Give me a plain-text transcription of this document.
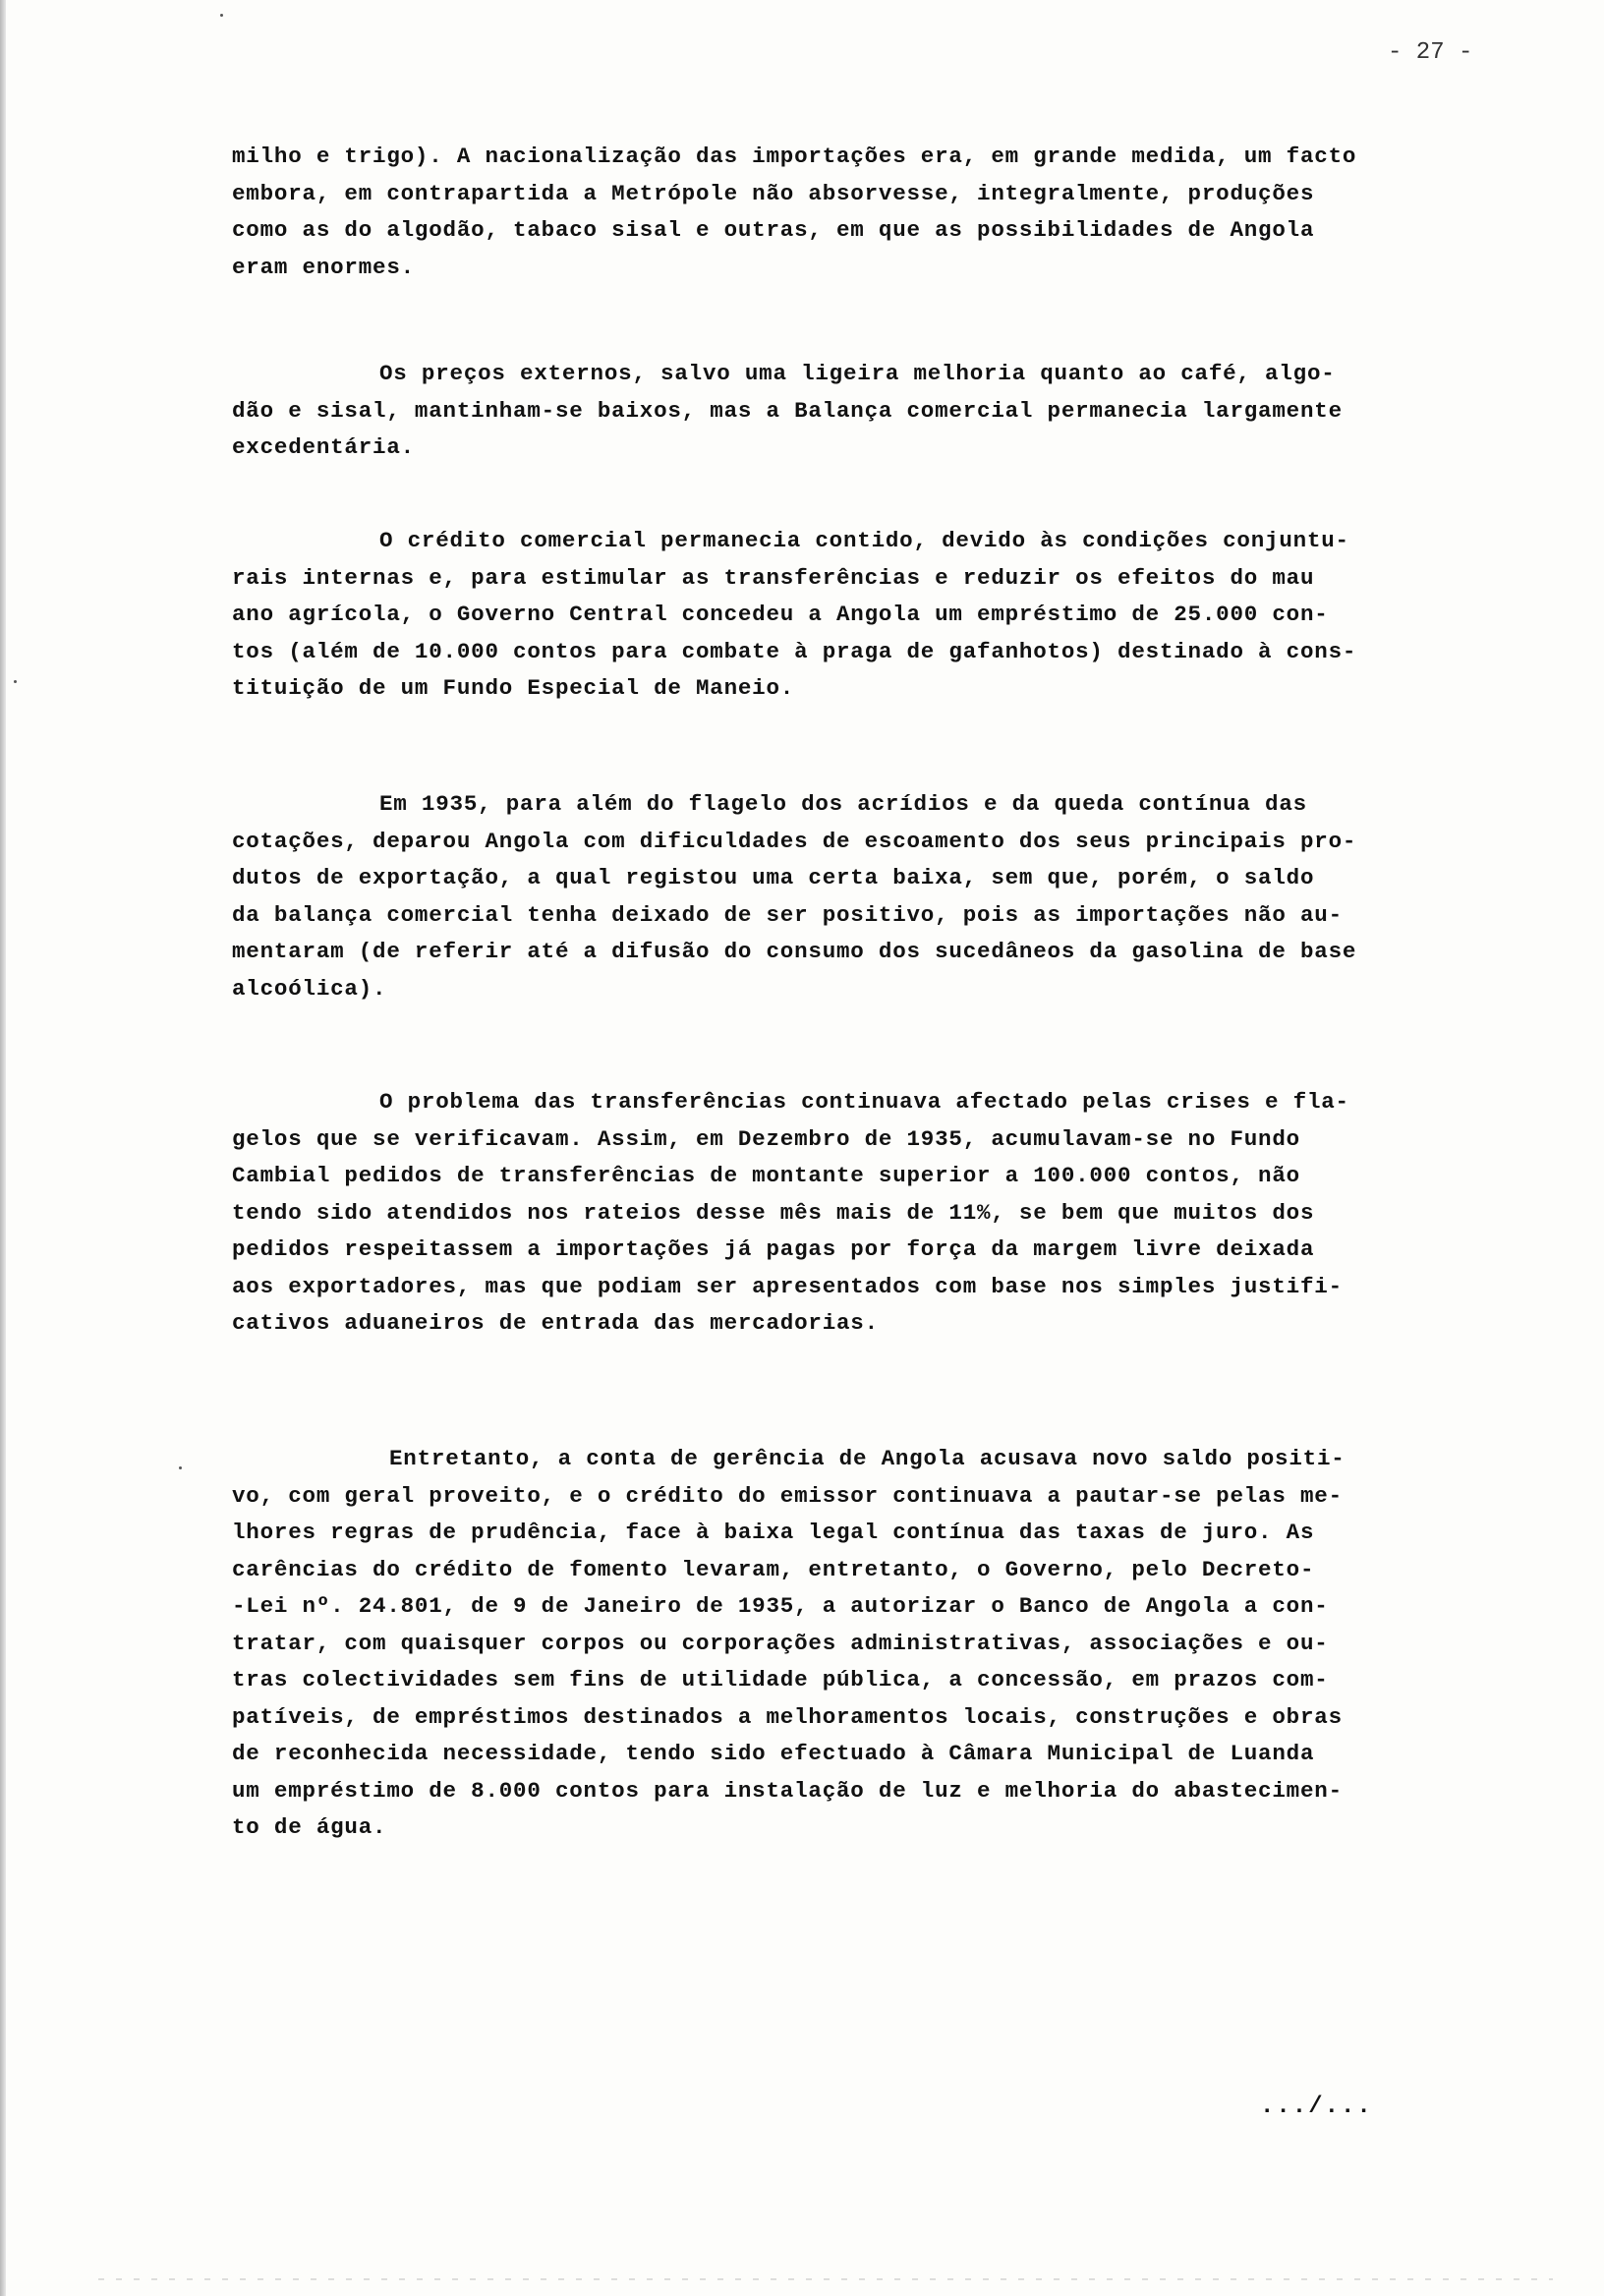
- 27 -
milho e trigo). A nacionalização das importações era, em grande medida, um facto
embora, em contrapartida a Metrópole não absorvesse, integralmente, produções
como as do algodão, tabaco sisal e outras, em que as possibilidades de Angola
eram enormes.
Os preços externos, salvo uma ligeira melhoria quanto ao café, algo-
dão e sisal, mantinham-se baixos, mas a Balança comercial permanecia largamente
excedentária.
O crédito comercial permanecia contido, devido às condições conjuntu-
rais internas e, para estimular as transferências e reduzir os efeitos do mau
ano agrícola, o Governo Central concedeu a Angola um empréstimo de 25.000 con-
tos (além de 10.000 contos para combate à praga de gafanhotos) destinado à cons-
tituição de um Fundo Especial de Maneio.
Em 1935, para além do flagelo dos acrídios e da queda contínua das
cotações, deparou Angola com dificuldades de escoamento dos seus principais pro-
dutos de exportação, a qual registou uma certa baixa, sem que, porém, o saldo
da balança comercial tenha deixado de ser positivo, pois as importações não au-
mentaram (de referir até a difusão do consumo dos sucedâneos da gasolina de base
alcoólica).
O problema das transferências continuava afectado pelas crises e fla-
gelos que se verificavam. Assim, em Dezembro de 1935, acumulavam-se no Fundo
Cambial pedidos de transferências de montante superior a 100.000 contos, não
tendo sido atendidos nos rateios desse mês mais de 11%, se bem que muitos dos
pedidos respeitassem a importações já pagas por força da margem livre deixada
aos exportadores, mas que podiam ser apresentados com base nos simples justifi-
cativos aduaneiros de entrada das mercadorias.
Entretanto, a conta de gerência de Angola acusava novo saldo positi-
vo, com geral proveito, e o crédito do emissor continuava a pautar-se pelas me-
lhores regras de prudência, face à baixa legal contínua das taxas de juro. As
carências do crédito de fomento levaram, entretanto, o Governo, pelo Decreto-
-Lei nº. 24.801, de 9 de Janeiro de 1935, a autorizar o Banco de Angola a con-
tratar, com quaisquer corpos ou corporações administrativas, associações e ou-
tras colectividades sem fins de utilidade pública, a concessão, em prazos com-
patíveis, de empréstimos destinados a melhoramentos locais, construções e obras
de reconhecida necessidade, tendo sido efectuado à Câmara Municipal de Luanda
um empréstimo de 8.000 contos para instalação de luz e melhoria do abastecimen-
to de água.
.../...
